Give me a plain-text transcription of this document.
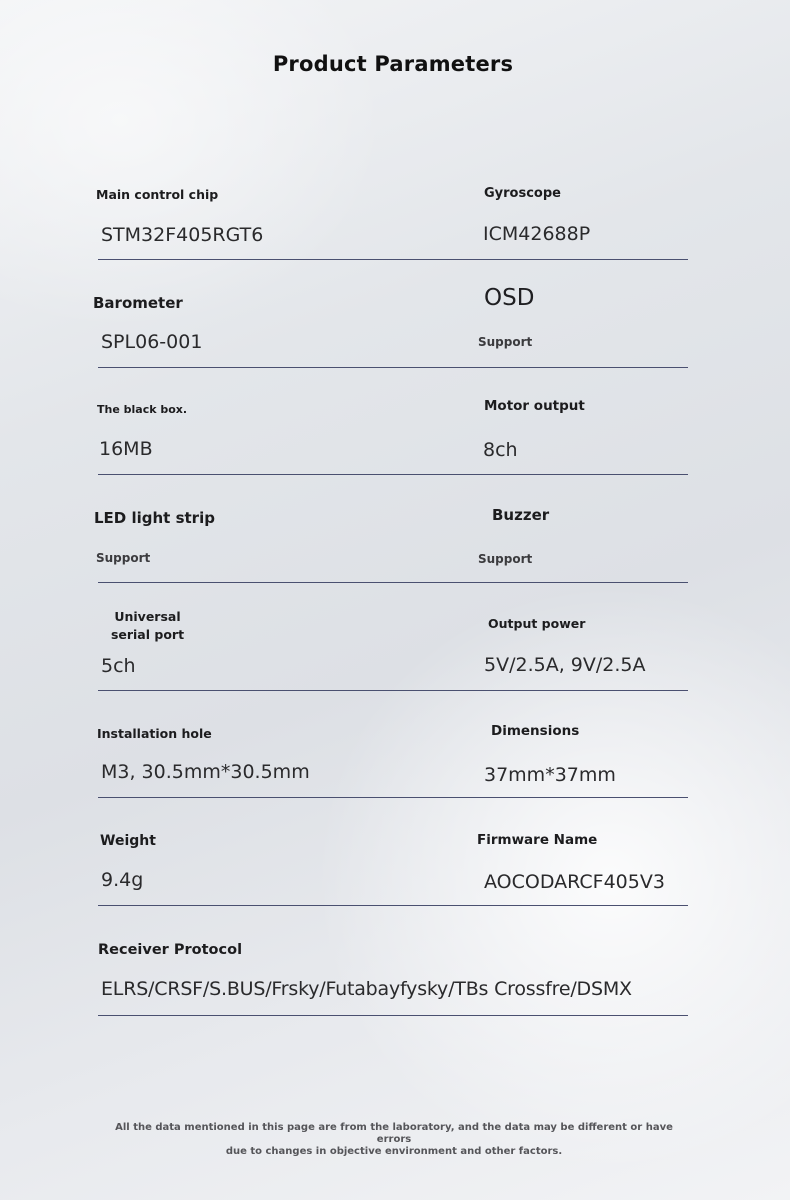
Product Parameters
Main control chip
STM32F405RGT6
Gyroscope
ICM42688P
Barometer
SPL06-001
OSD
Support
The black box.
16MB
Motor output
8ch
LED light strip
Support
Buzzer
Support
Universal serial port
5ch
Output power
5V/2.5A, 9V/2.5A
Installation hole
M3, 30.5mm*30.5mm
Dimensions
37mm*37mm
Weight
9.4g
Firmware Name
AOCODARCF405V3
Receiver Protocol
ELRS/CRSF/S.BUS/Frsky/Futabayfysky/TBs Crossfre/DSMX
All the data mentioned in this page are from the laboratory, and the data may be different or have errors
due to changes in objective environment and other factors.
